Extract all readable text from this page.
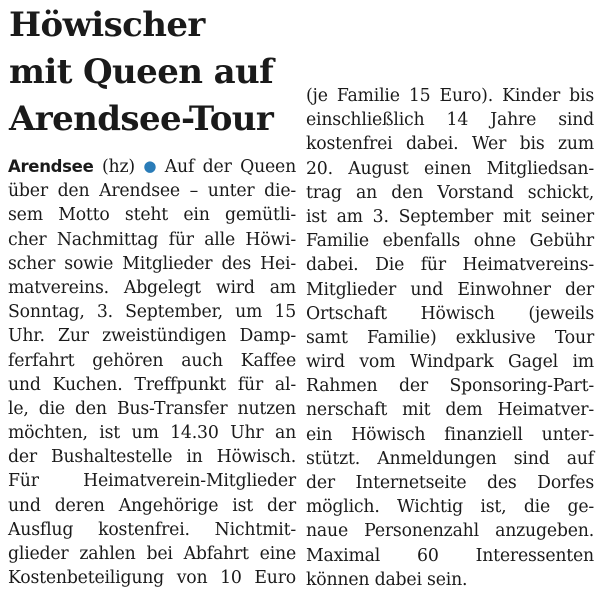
Höwischer
mit Queen auf
Arendsee-Tour
Arendsee (hz) ● Auf der Queen
über den Arendsee – unter die-
sem Motto steht ein gemütli-
cher Nachmittag für alle Höwi-
scher sowie Mitglieder des Hei-
matvereins. Abgelegt wird am
Sonntag, 3. September, um 15
Uhr. Zur zweistündigen Damp-
ferfahrt gehören auch Kaffee
und Kuchen. Treffpunkt für al-
le, die den Bus-Transfer nutzen
möchten, ist um 14.30 Uhr an
der Bushaltestelle in Höwisch.
Für Heimatverein-Mitglieder
und deren Angehörige ist der
Ausflug kostenfrei. Nichtmit-
glieder zahlen bei Abfahrt eine
Kostenbeteiligung von 10 Euro
(je Familie 15 Euro). Kinder bis
einschließlich 14 Jahre sind
kostenfrei dabei. Wer bis zum
20. August einen Mitgliedsan-
trag an den Vorstand schickt,
ist am 3. September mit seiner
Familie ebenfalls ohne Gebühr
dabei. Die für Heimatvereins-
Mitglieder und Einwohner der
Ortschaft Höwisch (jeweils
samt Familie) exklusive Tour
wird vom Windpark Gagel im
Rahmen der Sponsoring-Part-
nerschaft mit dem Heimatver-
ein Höwisch finanziell unter-
stützt. Anmeldungen sind auf
der Internetseite des Dorfes
möglich. Wichtig ist, die ge-
naue Personenzahl anzugeben.
Maximal 60 Interessenten
können dabei sein.
